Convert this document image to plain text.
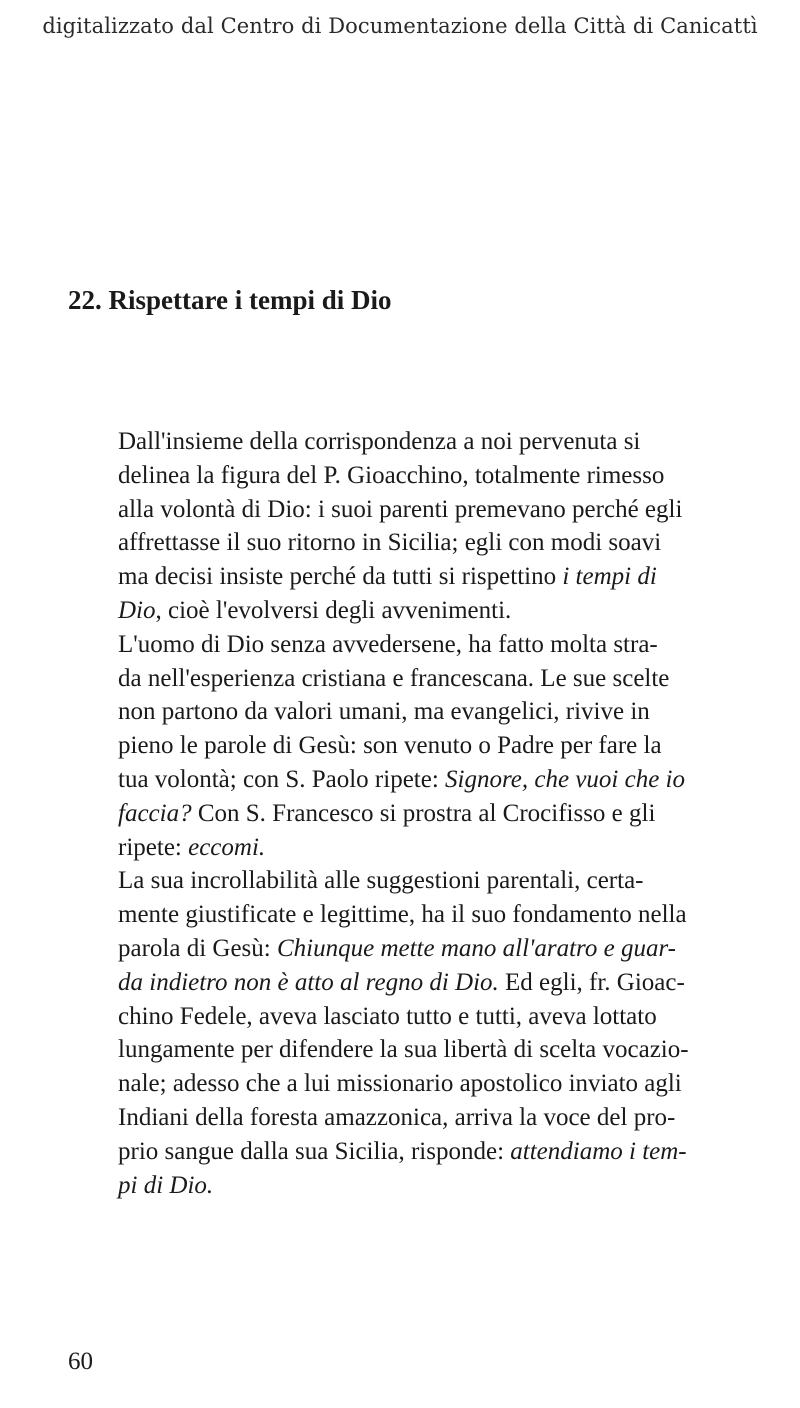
digitalizzato dal Centro di Documentazione della Città di Canicattì
22. Rispettare i tempi di Dio

Dall'insieme della corrispondenza a noi pervenuta si
delinea la figura del P. Gioacchino, totalmente rimesso
alla volontà di Dio: i suoi parenti premevano perché egli
affrettasse il suo ritorno in Sicilia; egli con modi soavi
ma decisi insiste perché da tutti si rispettino i tempi di
Dio, cioè l'evolversi degli avvenimenti.

L'uomo di Dio senza avvedersene, ha fatto molta stra-
da nell'esperienza cristiana e francescana. Le sue scelte
non partono da valori umani, ma evangelici, rivive in
pieno le parole di Gesù: son venuto o Padre per fare la
tua volontà; con S. Paolo ripete: Signore, che vuoi che io
faccia? Con S. Francesco si prostra al Crocifisso e gli
ripete: eccomi.

La sua incrollabilità alle suggestioni parentali, certa-
mente giustificate e legittime, ha il suo fondamento nella
parola di Gesù: Chiunque mette mano all'aratro e guar-
da indietro non è atto al regno di Dio. Ed egli, fr. Gioac-
chino Fedele, aveva lasciato tutto e tutti, aveva lottato
lungamente per difendere la sua libertà di scelta vocazio-
nale; adesso che a lui missionario apostolico inviato agli
Indiani della foresta amazzonica, arriva la voce del pro-
prio sangue dalla sua Sicilia, risponde: attendiamo i tem-
pi di Dio.

60
